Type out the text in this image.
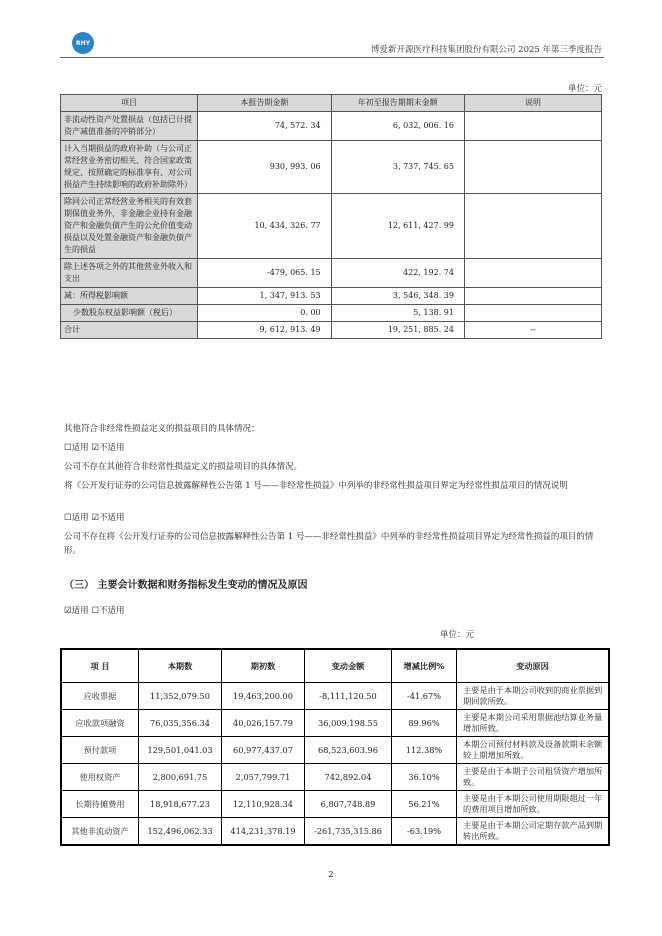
RHY
博爱新开源医疗科技集团股份有限公司 2025 年第三季度报告
单位：元
项目	本报告期金额	年初至报告期期末金额	说明
非流动性资产处置损益（包括已计提资产减值准备的冲销部分）	74, 572. 34	6, 032, 006. 16	
计入当期损益的政府补助（与公司正常经营业务密切相关、符合国家政策规定、按照确定的标准享有、对公司损益产生持续影响的政府补助除外）	930, 993. 06	3, 737, 745. 65	
除同公司正常经营业务相关的有效套期保值业务外，非金融企业持有金融资产和金融负债产生的公允价值变动损益以及处置金融资产和金融负债产生的损益	10, 434, 326. 77	12, 611, 427. 99	
除上述各项之外的其他营业外收入和支出	-479, 065. 15	422, 192. 74	
减：所得税影响额	1, 347, 913. 53	3, 546, 348. 39	
少数股东权益影响额（税后）	0. 00	5, 138. 91	
合计	9, 612, 913. 49	19, 251, 885. 24	--
其他符合非经常性损益定义的损益项目的具体情况：
☐适用 ☑不适用
公司不存在其他符合非经常性损益定义的损益项目的具体情况。
将《公开发行证券的公司信息披露解释性公告第 1 号——非经常性损益》中列举的非经常性损益项目界定为经常性损益项目的情况说明
☐适用 ☑不适用
公司不存在将《公开发行证券的公司信息披露解释性公告第 1 号——非经常性损益》中列举的非经常性损益项目界定为经常性损益的项目的情形。
（三） 主要会计数据和财务指标发生变动的情况及原因
☑适用 ☐不适用
单位：元
项 目	本期数	期初数	变动金额	增减比例%	变动原因
应收票据	11,352,079.50	19,463,200.00	-8,111,120.50	-41.67%	主要是由于本期公司收到的商业票据到期回款所致。
应收款项融资	76,035,356.34	40,026,157.79	36,009,198.55	89.96%	主要是本期公司采用票据池结算业务量增加所致。
预付款项	129,501,041.03	60,977,437.07	68,523,603.96	112.38%	本期公司预付材料款及设备款期末余额较上期增加所致。
使用权资产	2,800,691.75	2,057,799.71	742,892.04	36.10%	主要是由于本期子公司租赁资产增加所致。
长期待摊费用	18,918,677.23	12,110,928.34	6,807,748.89	56.21%	主要是由于本期公司使用期限超过一年的费用项目增加所致。
其他非流动资产	152,496,062.33	414,231,378.19	-261,735,315.86	-63.19%	主要是由于本期公司定期存款产品到期转出所致。
2
